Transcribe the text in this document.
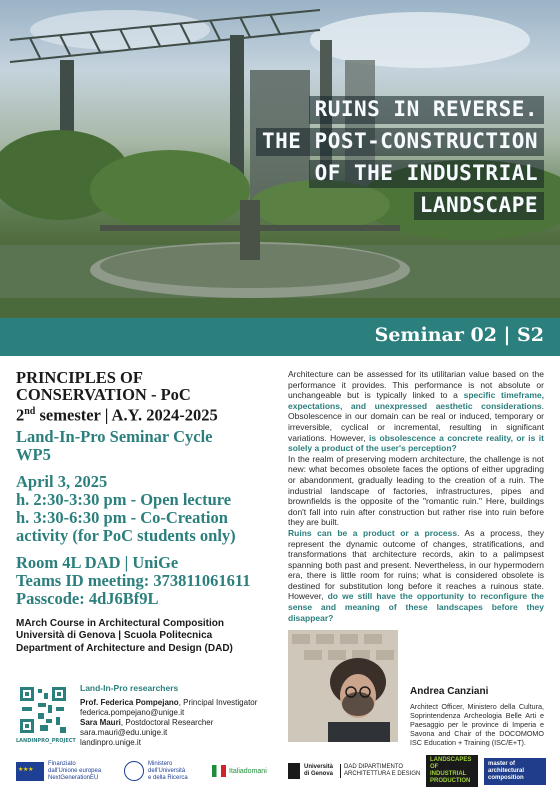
RUINS IN REVERSE.
THE POST-CONSTRUCTION
OF THE INDUSTRIAL
LANDSCAPE
Seminar 02 | S2
PRINCIPLES OF
CONSERVATION - PoC
2nd semester | A.Y. 2024-2025
Land-In-Pro Seminar Cycle
WP5
April 3, 2025
h. 2:30-3:30 pm - Open lecture
h. 3:30-6:30 pm - Co-Creation
activity (for PoC students only)
Room 4L DAD | UniGe
Teams ID meeting: 373811061611
Passcode: 4dJ6Bf9L
MArch Course in Architectural Composition
Università di Genova | Scuola Politecnica
Department of Architecture and Design (DAD)
LANDINPRO_PROJECT
Land-In-Pro researchers
Prof. Federica Pompejano, Principal Investigator
federica.pompejano@unige.it
Sara Mauri, Postdoctoral Researcher
sara.mauri@edu.unige.it
landinpro.unige.it

Architecture can be assessed for its utilitarian value based on the performance it provides. This performance is not absolute or unchangeable but is typically linked to a specific timeframe, expectations, and unexpressed aesthetic considerations. Obsolescence in our domain can be real or induced, temporary or irreversible, cyclical or incremental, resulting in significant variations. However, is obsolescence a concrete reality, or is it solely a product of the user's perception?

In the realm of preserving modern architecture, the challenge is not new: what becomes obsolete faces the options of either upgrading or abandonment, gradually leading to the creation of a ruin. The industrial landscape of factories, infrastructures, pipes and brownfields is the opposite of the "romantic ruin." Here, buildings don't fall into ruin after construction but rather rise into ruin before they are built.

Ruins can be a product or a process. As a process, they represent the dynamic outcome of changes, stratifications, and transformations that architecture records, akin to a palimpsest spanning both past and present. Nevertheless, in our hypermodern era, there is little room for ruins; what is considered obsolete is destined for substitution long before it reaches a ruinous state. However, do we still have the opportunity to reconfigure the sense and meaning of these landscapes before they disappear?

Andrea Canziani
Architect Officer, Ministero della Cultura, Soprintendenza Archeologia Belle Arti e Paesaggio per le province di Imperia e Savona and Chair of the DOCOMOMO ISC Education + Training (ISC/E+T).
★ ★ ★
Finanziato
dall'Unione europea
NextGenerationEU
Ministero
dell'Università
e della Ricerca
Italiadomani
Università
di Genova
DAD DIPARTIMENTO
ARCHITETTURA E DESIGN
LANDSCAPES OF
INDUSTRIAL
PRODUCTION
master of
architectural
composition
